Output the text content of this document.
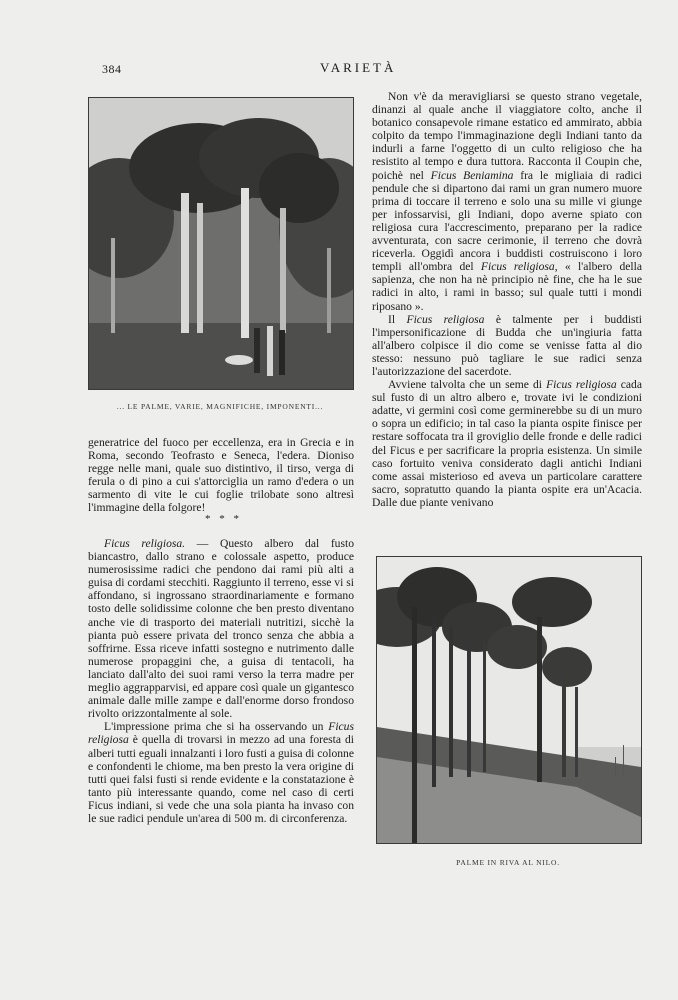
384	VARIETÀ
... LE PALME, VARIE, MAGNIFICHE, IMPONENTI...
PALME IN RIVA AL NILO.

generatrice del fuoco per eccellenza, era in Grecia e in Roma, secondo Teofrasto e Seneca, l'edera. Dioniso regge nelle mani, quale suo distintivo, il tirso, verga di ferula o di pino a cui s'attorciglia un ramo d'edera o un sarmento di vite le cui foglie trilobate sono altresì l'immagine della folgore!

* * *

Ficus religiosa. — Questo albero dal fusto biancastro, dallo strano e colossale aspetto, produce numerosissime radici che pendono dai rami più alti a guisa di cordami stecchiti. Raggiunto il terreno, esse vi si affondano, si ingrossano straordinariamente e formano tosto delle solidissime colonne che ben presto diventano anche vie di trasporto dei materiali nutritizi, sicchè la pianta può essere privata del tronco senza che abbia a soffrirne. Essa riceve infatti sostegno e nutrimento dalle numerose propaggini che, a guisa di tentacoli, ha lanciato dall'alto dei suoi rami verso la terra madre per meglio aggrapparvisi, ed appare così quale un gigantesco animale dalle mille zampe e dall'enorme dorso frondoso rivolto orizzontalmente al sole.

L'impressione prima che si ha osservando un Ficus religiosa è quella di trovarsi in mezzo ad una foresta di alberi tutti eguali innalzanti i loro fusti a guisa di colonne e confondenti le chiome, ma ben presto la vera origine di tutti quei falsi fusti si rende evidente e la constatazione è tanto più interessante quando, come nel caso di certi Ficus indiani, si vede che una sola pianta ha invaso con le sue radici pendule un'area di 500 m. di circonferenza.

Non v'è da meravigliarsi se questo strano vegetale, dinanzi al quale anche il viaggiatore colto, anche il botanico consapevole rimane estatico ed ammirato, abbia colpito da tempo l'immaginazione degli Indiani tanto da indurli a farne l'oggetto di un culto religioso che ha resistito al tempo e dura tuttora. Racconta il Coupin che, poichè nel Ficus Beniamina fra le migliaia di radici pendule che si dipartono dai rami un gran numero muore prima di toccare il terreno e solo una su mille vi giunge per infossarvisi, gli Indiani, dopo averne spiato con religiosa cura l'accrescimento, preparano per la radice avventurata, con sacre cerimonie, il terreno che dovrà riceverla. Oggidì ancora i buddisti costruiscono i loro templi all'ombra del Ficus religiosa, « l'albero della sapienza, che non ha nè principio nè fine, che ha le sue radici in alto, i rami in basso; sul quale tutti i mondi riposano ».

Il Ficus religiosa è talmente per i buddisti l'impersonificazione di Budda che un'ingiuria fatta all'albero colpisce il dio come se venisse fatta al dio stesso: nessuno può tagliare le sue radici senza l'autorizzazione del sacerdote.

Avviene talvolta che un seme di Ficus religiosa cada sul fusto di un altro albero e, trovate ivi le condizioni adatte, vi germini così come germinerebbe su di un muro o sopra un edificio; in tal caso la pianta ospite finisce per restare soffocata tra il groviglio delle fronde e delle radici del Ficus e per sacrificare la propria esistenza. Un simile caso fortuito veniva considerato dagli antichi Indiani come assai misterioso ed aveva un particolare carattere sacro, sopratutto quando la pianta ospite era un'Acacia. Dalle due piante venivano
